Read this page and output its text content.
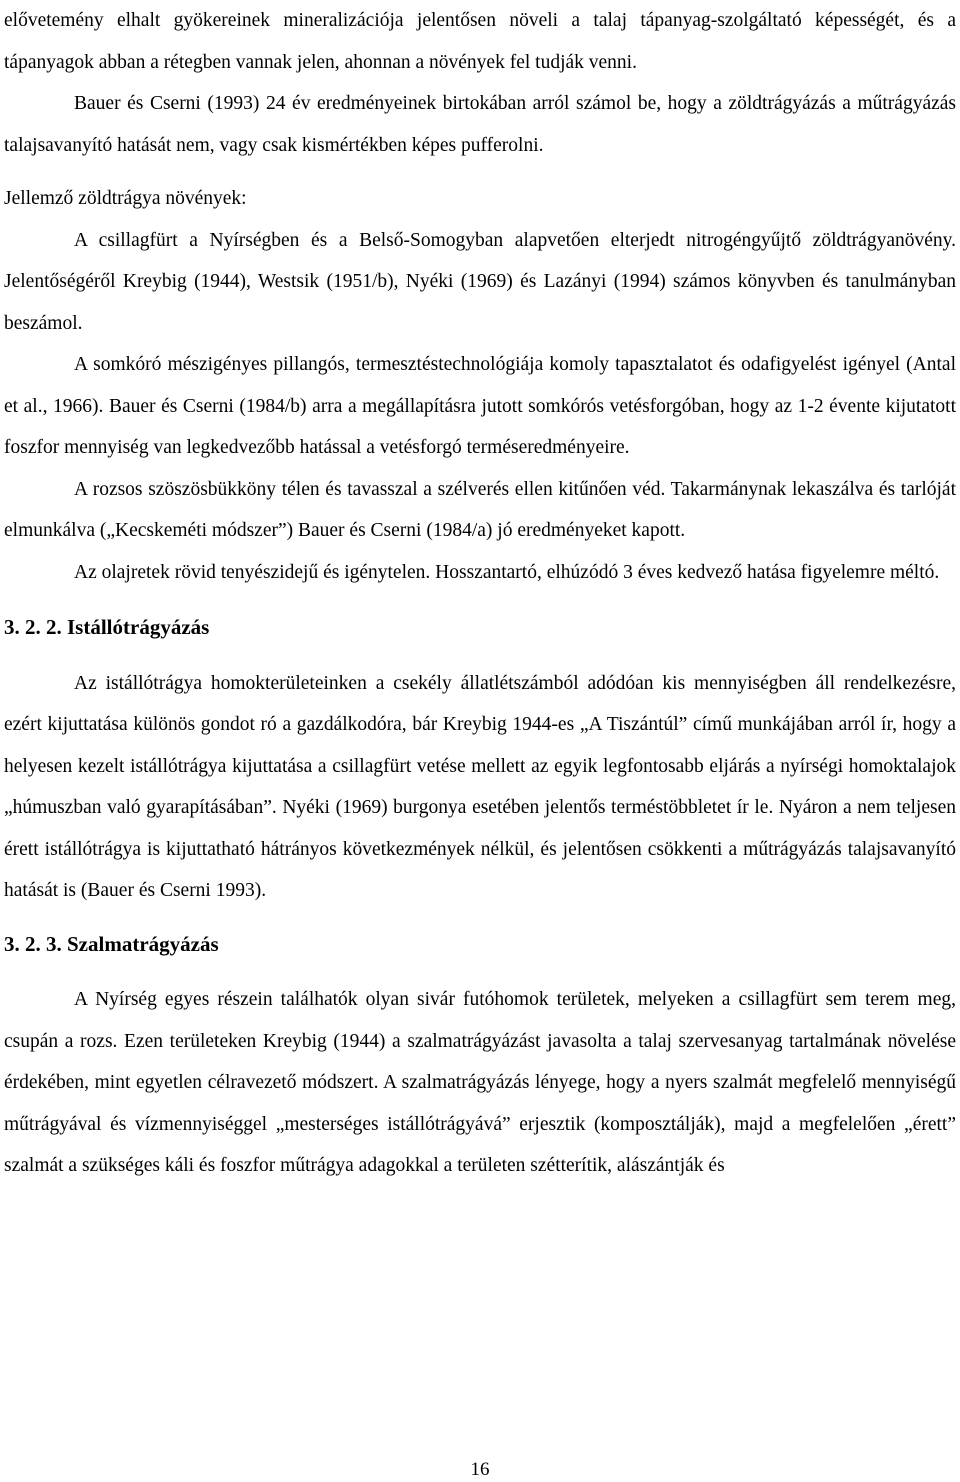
elővetemény elhalt gyökereinek mineralizációja jelentősen növeli a talaj tápanyag-szolgáltató képességét, és a tápanyagok abban a rétegben vannak jelen, ahonnan a növények fel tudják venni.

Bauer és Cserni (1993) 24 év eredményeinek birtokában arról számol be, hogy a zöldtrágyázás a műtrágyázás talajsavanyító hatását nem, vagy csak kismértékben képes pufferolni.

Jellemző zöldtrágya növények:

A csillagfürt a Nyírségben és a Belső-Somogyban alapvetően elterjedt nitrogéngyűjtő zöldtrágyanövény. Jelentőségéről Kreybig (1944), Westsik (1951/b), Nyéki (1969) és Lazányi (1994) számos könyvben és tanulmányban beszámol.

A somkóró mészigényes pillangós, termesztéstechnológiája komoly tapasztalatot és odafigyelést igényel (Antal et al., 1966). Bauer és Cserni (1984/b) arra a megállapításra jutott somkórós vetésforgóban, hogy az 1-2 évente kijutatott foszfor mennyiség van legkedvezőbb hatással a vetésforgó terméseredményeire.

A rozsos szöszösbükköny télen és tavasszal a szélverés ellen kitűnően véd. Takarmánynak lekaszálva és tarlóját elmunkálva („Kecskeméti módszer”) Bauer és Cserni (1984/a) jó eredményeket kapott.

Az olajretek rövid tenyészidejű és igénytelen. Hosszantartó, elhúzódó 3 éves kedvező hatása figyelemre méltó.

3. 2. 2. Istállótrágyázás

Az istállótrágya homokterületeinken a csekély állatlétszámból adódóan kis mennyiségben áll rendelkezésre, ezért kijuttatása különös gondot ró a gazdálkodóra, bár Kreybig 1944-es „A Tiszántúl” című munkájában arról ír, hogy a helyesen kezelt istállótrágya kijuttatása a csillagfürt vetése mellett az egyik legfontosabb eljárás a nyírségi homoktalajok „húmuszban való gyarapításában”. Nyéki (1969) burgonya esetében jelentős terméstöbbletet ír le. Nyáron a nem teljesen érett istállótrágya is kijuttatható hátrányos következmények nélkül, és jelentősen csökkenti a műtrágyázás talajsavanyító hatását is (Bauer és Cserni 1993).

3. 2. 3. Szalmatrágyázás

A Nyírség egyes részein találhatók olyan sivár futóhomok területek, melyeken a csillagfürt sem terem meg, csupán a rozs. Ezen területeken Kreybig (1944) a szalmatrágyázást javasolta a talaj szervesanyag tartalmának növelése érdekében, mint egyetlen célravezető módszert. A szalmatrágyázás lényege, hogy a nyers szalmát megfelelő mennyiségű műtrágyával és vízmennyiséggel „mesterséges istállótrágyává” erjesztik (komposztálják), majd a megfelelően „érett” szalmát a szükséges káli és foszfor műtrágya adagokkal a területen szétterítik, alászántják és

16
